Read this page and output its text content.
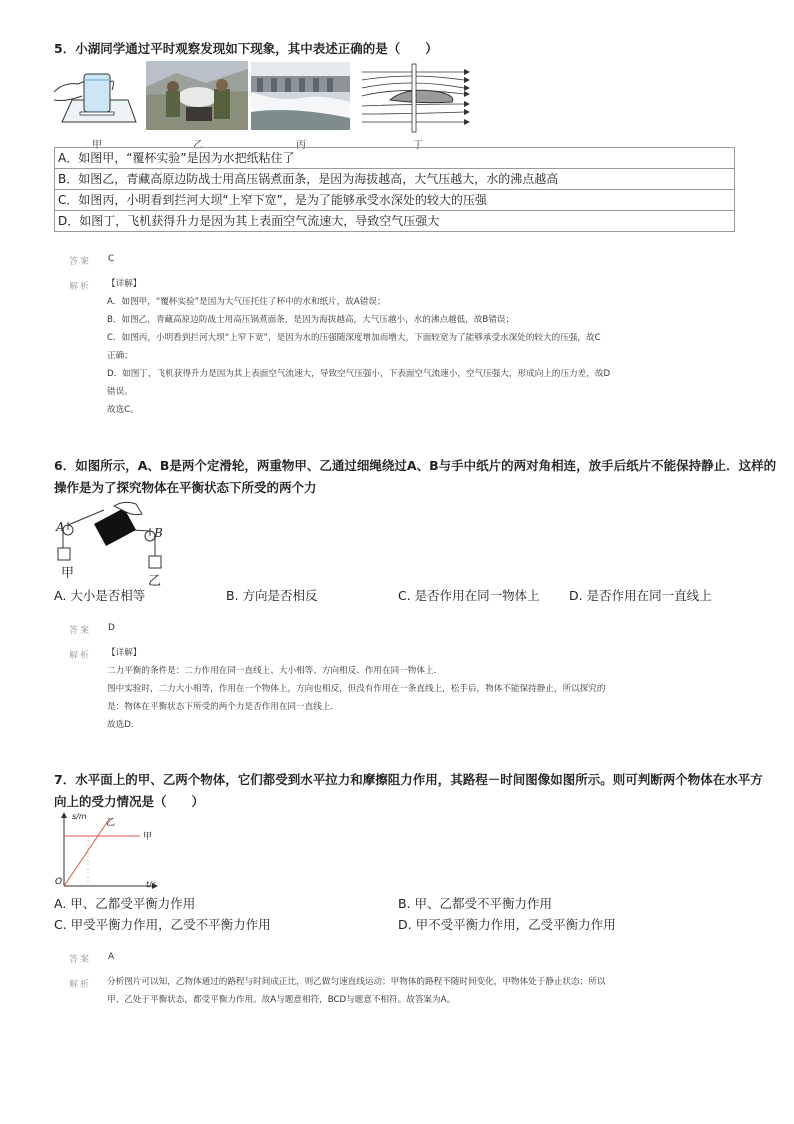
5．小湖同学通过平时观察发现如下现象，其中表述正确的是（　　）
甲	乙	丙	丁
A．如图甲，“覆杯实验”是因为水把纸粘住了
B．如图乙，青藏高原边防战士用高压锅煮面条，是因为海拔越高，大气压越大，水的沸点越高
C．如图丙，小明看到拦河大坝“上窄下宽”，是为了能够承受水深处的较大的压强
D．如图丁，飞机获得升力是因为其上表面空气流速大，导致空气压强大
答案 C
解析 【详解】
A．如图甲，“覆杯实验”是因为大气压托住了杯中的水和纸片，故A错误；
B．如图乙，青藏高原边防战士用高压锅煮面条，是因为海拔越高，大气压越小，水的沸点越低，故B错误；
C．如图丙，小明看到拦河大坝“上窄下宽”，是因为水的压强随深度增加而增大，下面较宽为了能够承受水深处的较大的压强，故C
正确；
D．如图丁，飞机获得升力是因为其上表面空气流速大，导致空气压强小，下表面空气流速小，空气压强大，形成向上的压力差，故D
错误。
故选C。
6．如图所示，A、B是两个定滑轮，两重物甲、乙通过细绳绕过A、B与手中纸片的两对角相连，放手后纸片不能保持静止．这样的
操作是为了探究物体在平衡状态下所受的两个力
A	B
甲
乙
A. 大小是否相等	B. 方向是否相反	C. 是否作用在同一物体上 D. 是否作用在同一直线上
答案 D
解析 【详解】
二力平衡的条件是：二力作用在同一直线上、大小相等、方向相反、作用在同一物体上．
图中实验时，二力大小相等，作用在一个物体上，方向也相反，但没有作用在一条直线上，松手后，物体不能保持静止，所以探究的
是：物体在平衡状态下所受的两个力是否作用在同一直线上．
故选D．
7．水平面上的甲、乙两个物体，它们都受到水平拉力和摩擦阻力作用，其路程－时间图像如图所示。则可判断两个物体在水平方
向上的受力情况是（　　）
s/m
t/s
O
乙
甲
A. 甲、乙都受平衡力作用	B. 甲、乙都受不平衡力作用
C. 甲受平衡力作用，乙受不平衡力作用	D. 甲不受平衡力作用，乙受平衡力作用
答案 A
解析 分析图片可以知，乙物体通过的路程与时间成正比，则乙做匀速直线运动；甲物体的路程不随时间变化，甲物体处于静止状态；所以
甲、乙处于平衡状态，都受平衡力作用。故A与题意相符，BCD与题意不相符。故答案为A。
